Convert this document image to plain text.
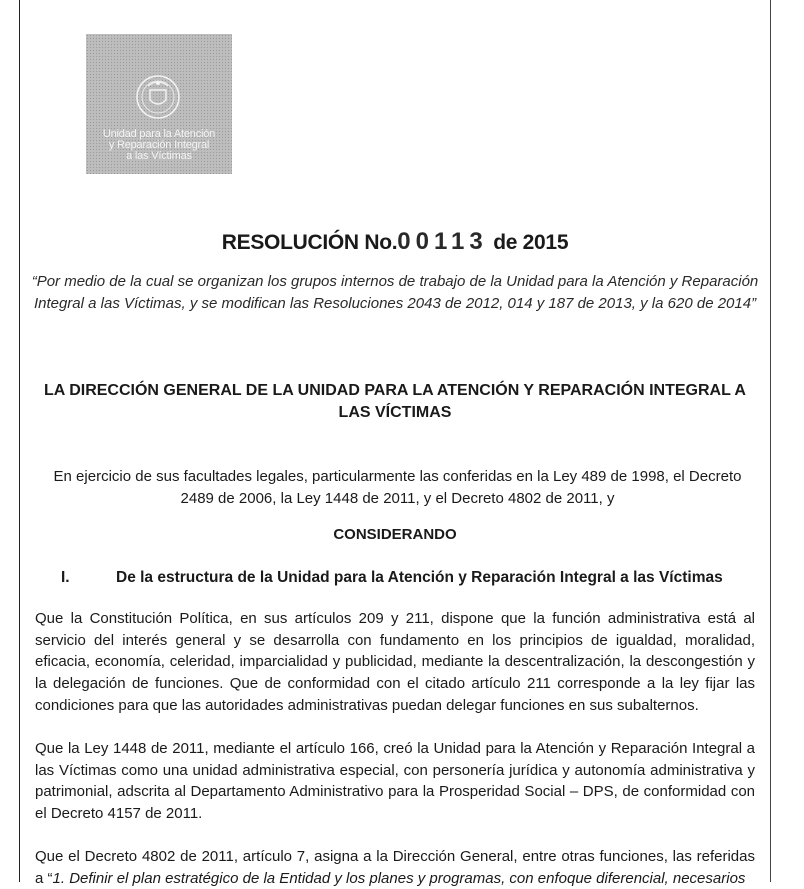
Unidad para la Atención
y Reparación Integral
a las Víctimas
RESOLUCIÓN No.00113 de 2015
“Por medio de la cual se organizan los grupos internos de trabajo de la Unidad para la Atención y Reparación Integral a las Víctimas, y se modifican las Resoluciones 2043 de 2012, 014 y 187 de 2013, y la 620 de 2014”
LA DIRECCIÓN GENERAL DE LA UNIDAD PARA LA ATENCIÓN Y REPARACIÓN INTEGRAL A LAS VÍCTIMAS
En ejercicio de sus facultades legales, particularmente las conferidas en la Ley 489 de 1998, el Decreto 2489 de 2006, la Ley 1448 de 2011, y el Decreto 4802 de 2011, y
CONSIDERANDO
I.	De la estructura de la Unidad para la Atención y Reparación Integral a las Víctimas
Que la Constitución Política, en sus artículos 209 y 211, dispone que la función administrativa está al servicio del interés general y se desarrolla con fundamento en los principios de igualdad, moralidad, eficacia, economía, celeridad, imparcialidad y publicidad, mediante la descentralización, la descongestión y la delegación de funciones. Que de conformidad con el citado artículo 211 corresponde a la ley fijar las condiciones para que las autoridades administrativas puedan delegar funciones en sus subalternos.
Que la Ley 1448 de 2011, mediante el artículo 166, creó la Unidad para la Atención y Reparación Integral a las Víctimas como una unidad administrativa especial, con personería jurídica y autonomía administrativa y patrimonial, adscrita al Departamento Administrativo para la Prosperidad Social – DPS, de conformidad con el Decreto 4157 de 2011.
Que el Decreto 4802 de 2011, artículo 7, asigna a la Dirección General, entre otras funciones, las referidas a “1. Definir el plan estratégico de la Entidad y los planes y programas, con enfoque diferencial, necesarios
